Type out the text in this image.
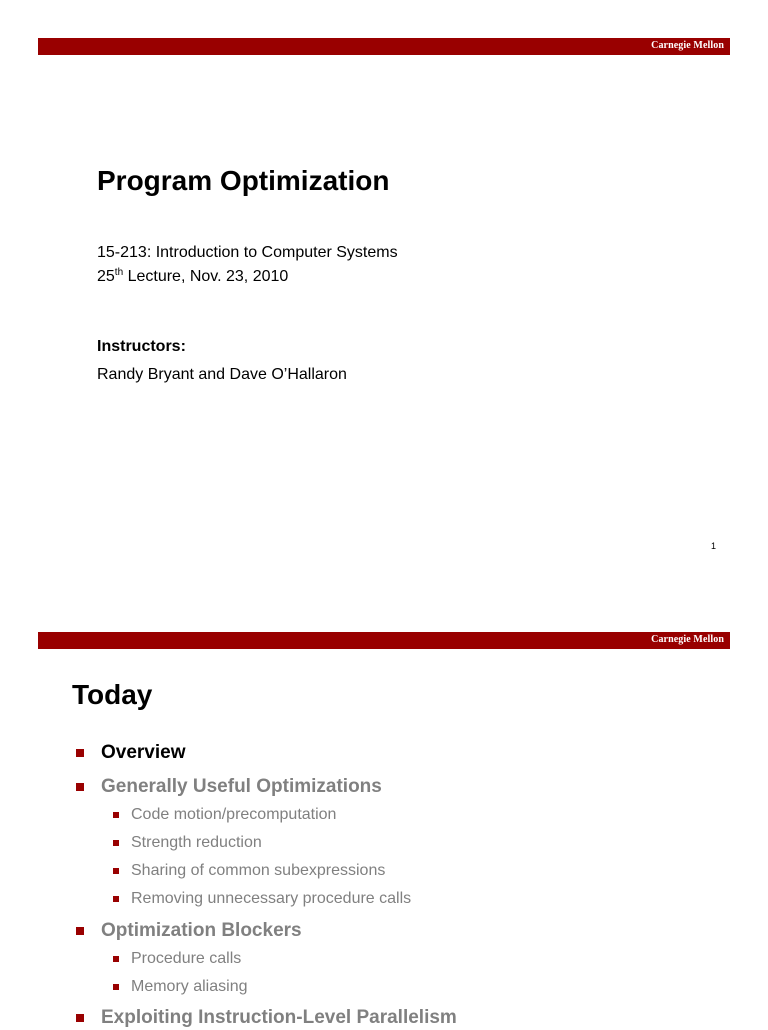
Carnegie Mellon
Program Optimization
15-213: Introduction to Computer Systems
25th Lecture, Nov. 23, 2010
Instructors:
Randy Bryant and Dave O’Hallaron
1
Carnegie Mellon
Today
Overview
Generally Useful Optimizations
Code motion/precomputation
Strength reduction
Sharing of common subexpressions
Removing unnecessary procedure calls
Optimization Blockers
Procedure calls
Memory aliasing
Exploiting Instruction-Level Parallelism
